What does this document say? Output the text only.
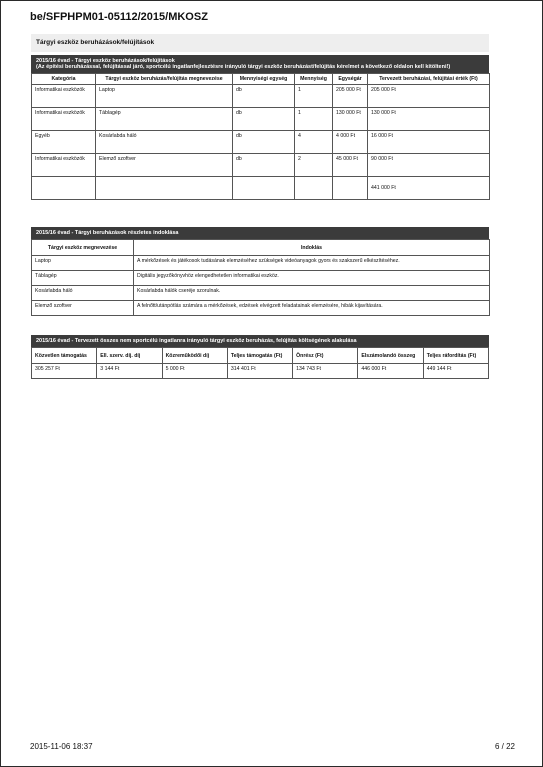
be/SFPHPM01-05112/2015/MKOSZ
Tárgyi eszköz beruházások/felújítások
2015/16 évad - Tárgyi eszköz beruházások/felújítások
(Az építési beruházással, felújítással járó, sportcélú ingatlanfejlesztésre irányuló tárgyi eszköz beruházást/felújítás kérelmet a következő oldalon kell kitölteni!)
Kategória	Tárgyi eszköz beruházás/felújítás megnevezése	Mennyiségi egység	Mennyiség	Egységár	Tervezett beruházási, felújítási érték (Ft)
Informatikai eszközök	Laptop	db	1	205 000 Ft	205 000 Ft
Informatikai eszközök	Táblagép	db	1	130 000 Ft	130 000 Ft
Egyéb	Kosárlabda háló	db	4	4 000 Ft	16 000 Ft
Informatikai eszközök	Elemző szoftver	db	2	45 000 Ft	90 000 Ft
					441 000 Ft
2015/16 évad - Tárgyi beruházások részletes indoklása
Tárgyi eszköz megnevezése	Indoklás
Laptop	A mérkőzések és játékosok tudásának elemzéséhez szükségek videóanyagok gyors és szakszerű elkészítéséhez.
Táblagép	Digitális jegyzőkönyvhöz elengedhetetlen informatikai eszköz.
Kosárlabda háló	Kosárlabda hálók cseréje szorulnak.
Elemző szoftver	A felnőtt/utánpótlás számára a mérkőzések, edzések elvégzett feladatainak elemzésére, hibák kijavítására.
2015/16 évad - Tervezett összes nem sportcélú ingatlanra irányuló tárgyi eszköz beruházás, felújítás költségének alakulása
Közvetlen támogatás	Ell. szerv. díj. díj	Közreműködői díj	Teljes támogatás (Ft)	Önrész (Ft)	Elszámolandó összeg	Teljes ráfordítás (Ft)
305 257 Ft	3 144 Ft	5 000 Ft	314 401 Ft	134 743 Ft	446 000 Ft	449 144 Ft
2015-11-06 18:37	6 / 22
